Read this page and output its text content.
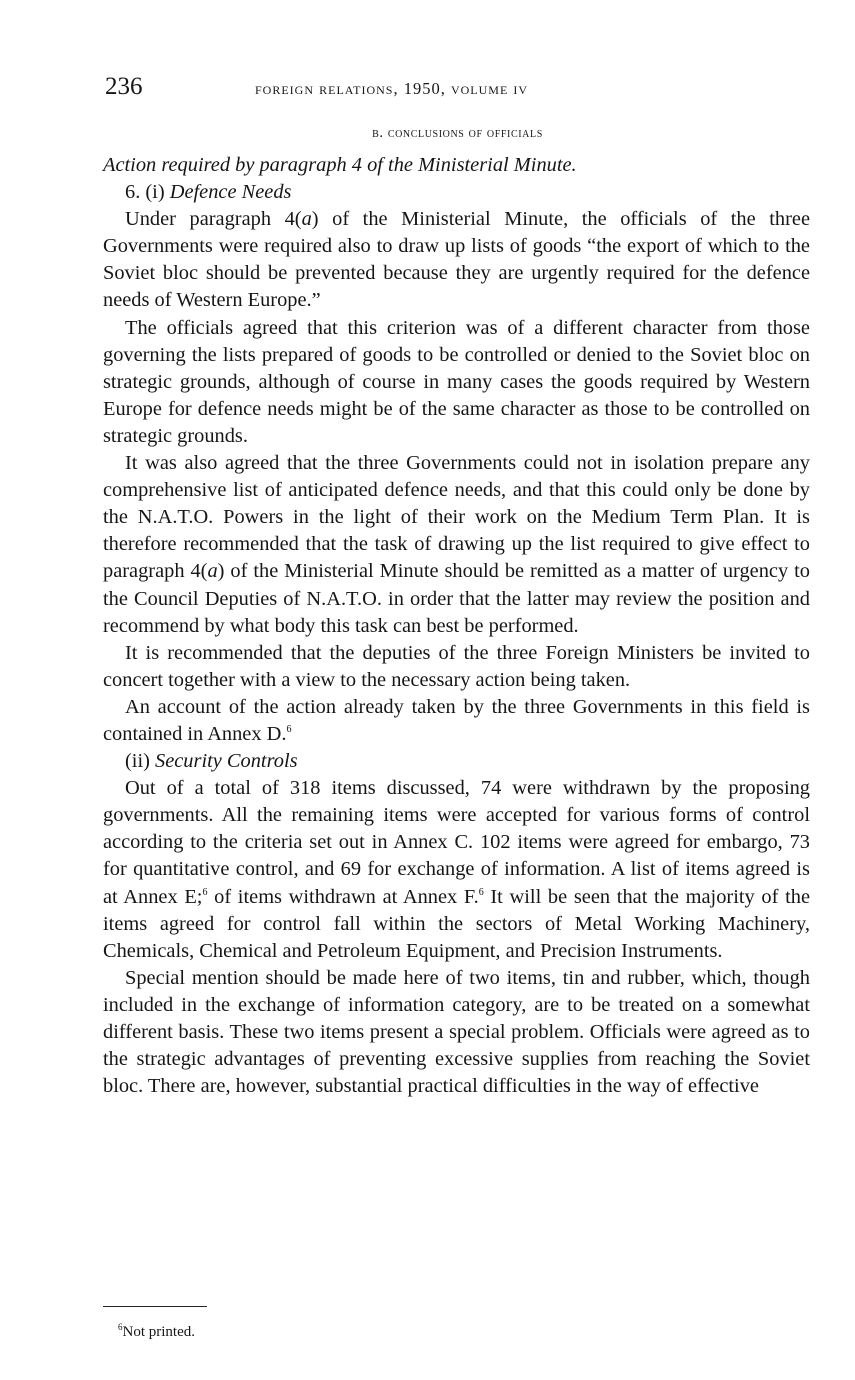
236	foreign relations, 1950, volume iv
b. conclusions of officials

Action required by paragraph 4 of the Ministerial Minute.

6. (i) Defence Needs

Under paragraph 4(a) of the Ministerial Minute, the officials of the three Governments were required also to draw up lists of goods “the export of which to the Soviet bloc should be prevented because they are urgently required for the defence needs of Western Europe.”

The officials agreed that this criterion was of a different character from those governing the lists prepared of goods to be controlled or denied to the Soviet bloc on strategic grounds, although of course in many cases the goods required by Western Europe for defence needs might be of the same character as those to be controlled on strategic grounds.

It was also agreed that the three Governments could not in isolation prepare any comprehensive list of anticipated defence needs, and that this could only be done by the N.A.T.O. Powers in the light of their work on the Medium Term Plan. It is therefore recommended that the task of drawing up the list required to give effect to paragraph 4(a) of the Ministerial Minute should be remitted as a matter of urgency to the Council Deputies of N.A.T.O. in order that the latter may review the position and recommend by what body this task can best be performed.

It is recommended that the deputies of the three Foreign Ministers be invited to concert together with a view to the necessary action being taken.

An account of the action already taken by the three Governments in this field is contained in Annex D.$^6$

(ii) Security Controls

Out of a total of 318 items discussed, 74 were withdrawn by the proposing governments. All the remaining items were accepted for various forms of control according to the criteria set out in Annex C. 102 items were agreed for embargo, 73 for quantitative control, and 69 for exchange of information. A list of items agreed is at Annex E;$^6$ of items withdrawn at Annex F.$^6$ It will be seen that the majority of the items agreed for control fall within the sectors of Metal Working Machinery, Chemicals, Chemical and Petroleum Equipment, and Precision Instruments.

Special mention should be made here of two items, tin and rubber, which, though included in the exchange of information category, are to be treated on a somewhat different basis. These two items present a special problem. Officials were agreed as to the strategic advantages of preventing excessive supplies from reaching the Soviet bloc. There are, however, substantial practical difficulties in the way of effective

$^6$Not printed.
